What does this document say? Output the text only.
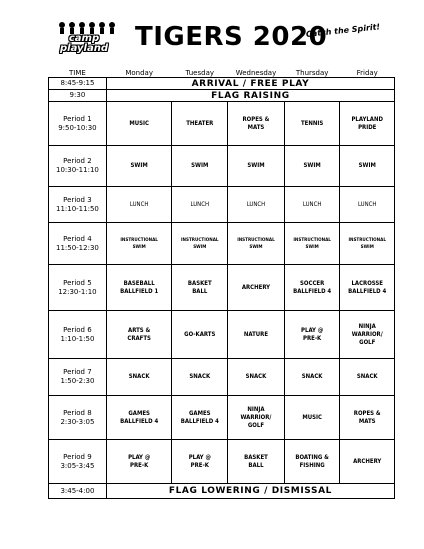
camp
playland	TIGERS 2020
Catch the Spirit!
TIME	Monday	Tuesday	Wednesday	Thursday	Friday

8:45-9:15	ARRIVAL / FREE PLAY				

9:30	FLAG RAISING				

Period 1
9:50-10:30	MUSIC	THEATER	ROPES &
MATS	TENNIS	PLAYLAND
PRIDE

Period 2
10:30-11:10	SWIM	SWIM	SWIM	SWIM	SWIM

Period 3
11:10-11:50	LUNCH	LUNCH	LUNCH	LUNCH	LUNCH

Period 4
11:50-12:30	INSTRUCTIONAL
SWIM	INSTRUCTIONAL
SWIM	INSTRUCTIONAL
SWIM	INSTRUCTIONAL
SWIM	INSTRUCTIONAL
SWIM

Period 5
12:30-1:10	BASEBALL
BALLFIELD 1	BASKET
BALL	ARCHERY	SOCCER
BALLFIELD 4	LACROSSE
BALLFIELD 4

Period 6
1:10-1:50	ARTS &
CRAFTS	GO-KARTS	NATURE	PLAY @
PRE-K	NINJA
WARRIOR/
GOLF

Period 7
1:50-2:30	SNACK	SNACK	SNACK	SNACK	SNACK

Period 8
2:30-3:05	GAMES
BALLFIELD 4	GAMES
BALLFIELD 4	NINJA
WARRIOR/
GOLF	MUSIC	ROPES &
MATS

Period 9
3:05-3:45	PLAY @
PRE-K	PLAY @
PRE-K	BASKET
BALL	BOATING &
FISHING	ARCHERY

3:45-4:00	FLAG LOWERING / DISMISSAL				
